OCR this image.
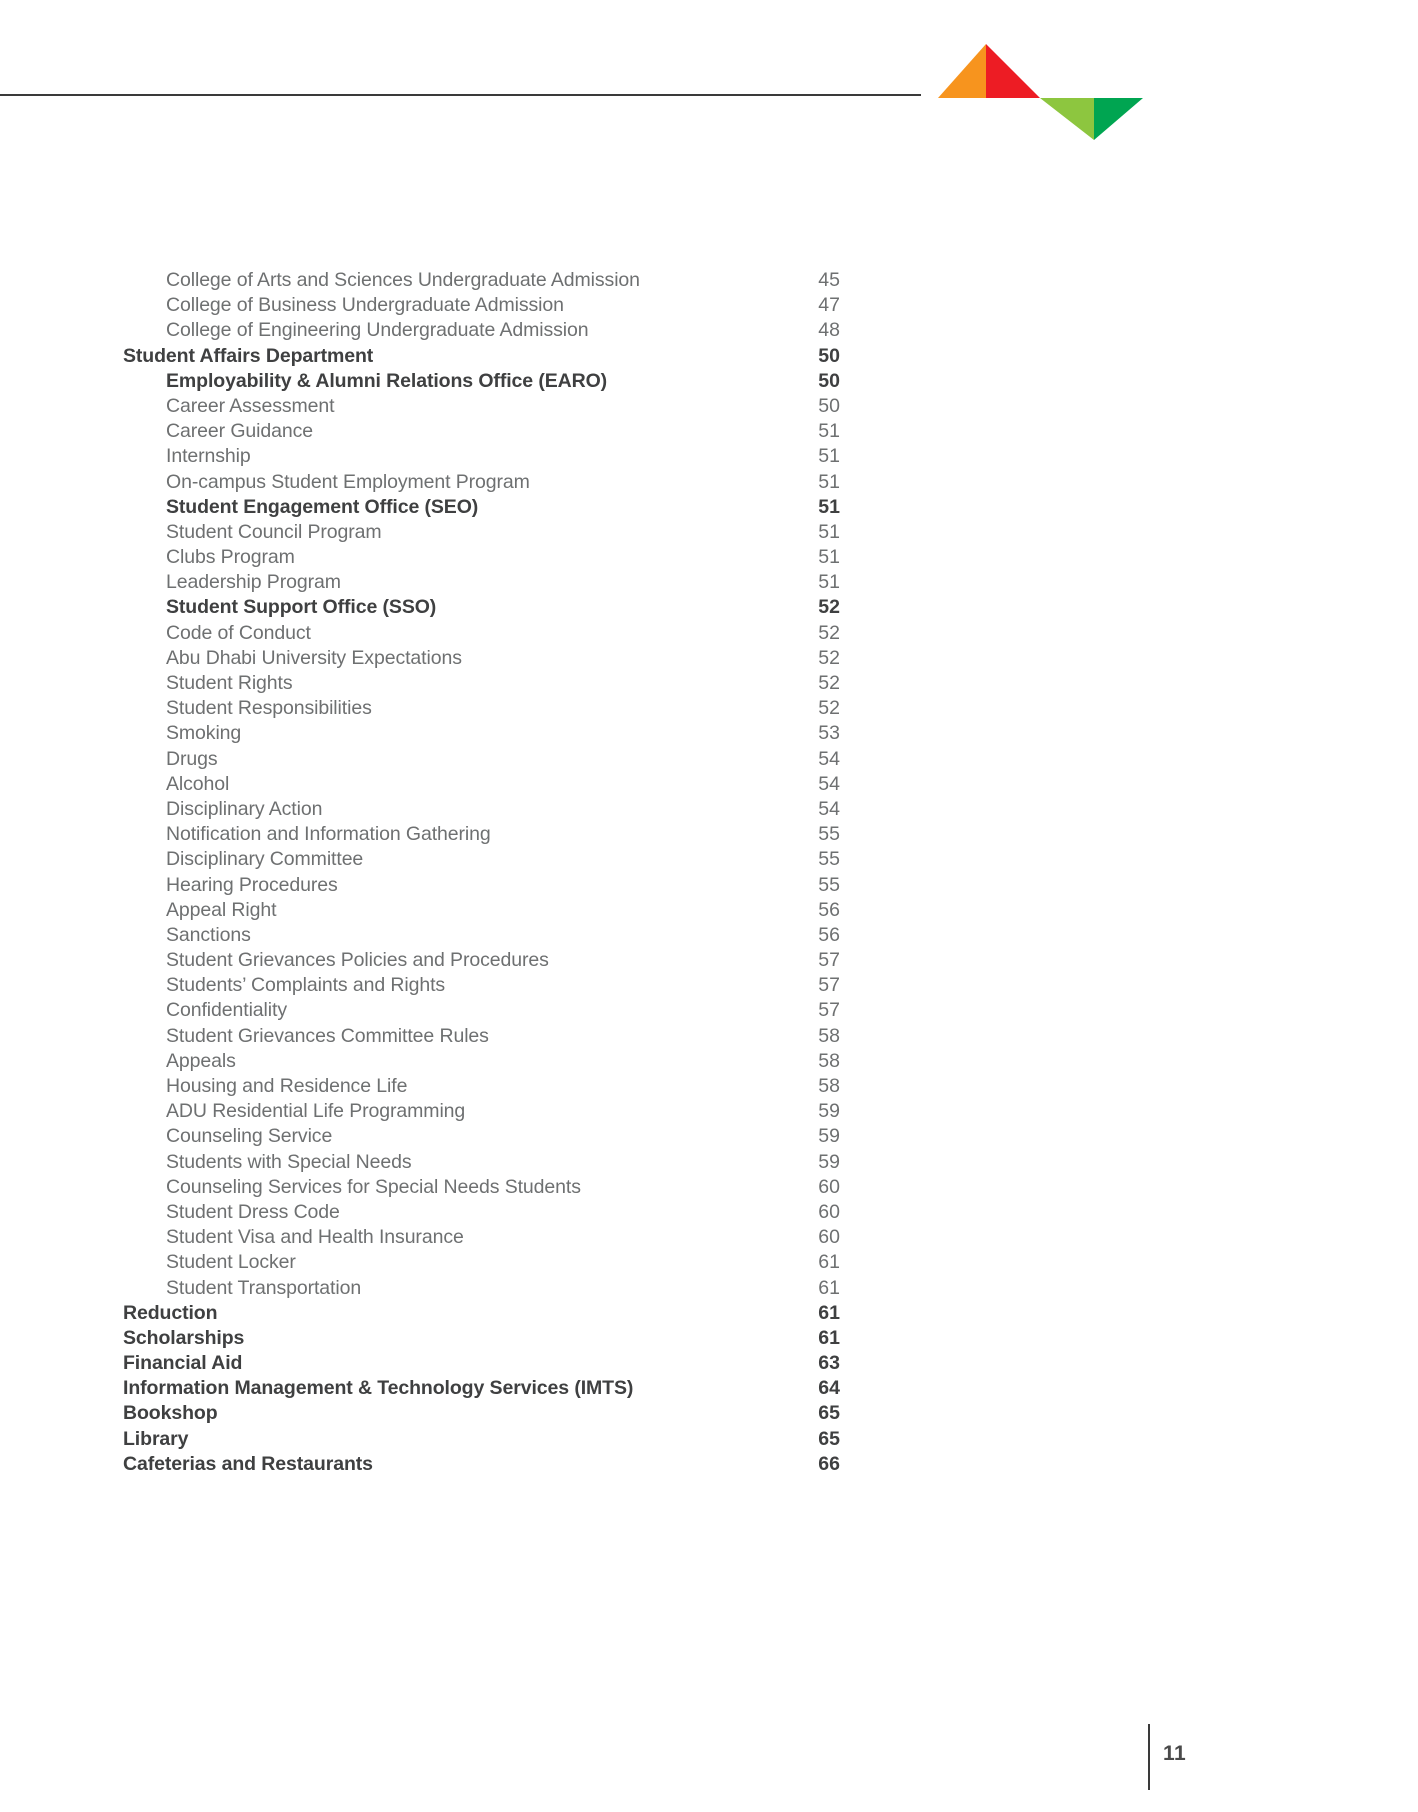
College of Arts and Sciences Undergraduate Admission	45
College of Business Undergraduate Admission	47
College of Engineering Undergraduate Admission	48
Student Affairs Department	50
Employability & Alumni Relations Office (EARO)	50
Career Assessment	50
Career Guidance	51
Internship	51
On-campus Student Employment Program	51
Student Engagement Office (SEO)	51
Student Council Program	51
Clubs Program	51
Leadership Program	51
Student Support Office (SSO)	52
Code of Conduct	52
Abu Dhabi University Expectations	52
Student Rights	52
Student Responsibilities	52
Smoking	53
Drugs	54
Alcohol	54
Disciplinary Action	54
Notification and Information Gathering	55
Disciplinary Committee	55
Hearing Procedures	55
Appeal Right	56
Sanctions	56
Student Grievances Policies and Procedures	57
Students’ Complaints and Rights	57
Confidentiality	57
Student Grievances Committee Rules	58
Appeals	58
Housing and Residence Life	58
ADU Residential Life Programming	59
Counseling Service	59
Students with Special Needs	59
Counseling Services for Special Needs Students	60
Student Dress Code	60
Student Visa and Health Insurance	60
Student Locker	61
Student Transportation	61
Reduction	61
Scholarships	61
Financial Aid	63
Information Management & Technology Services (IMTS)	64
Bookshop	65
Library	65
Cafeterias and Restaurants	66
11
